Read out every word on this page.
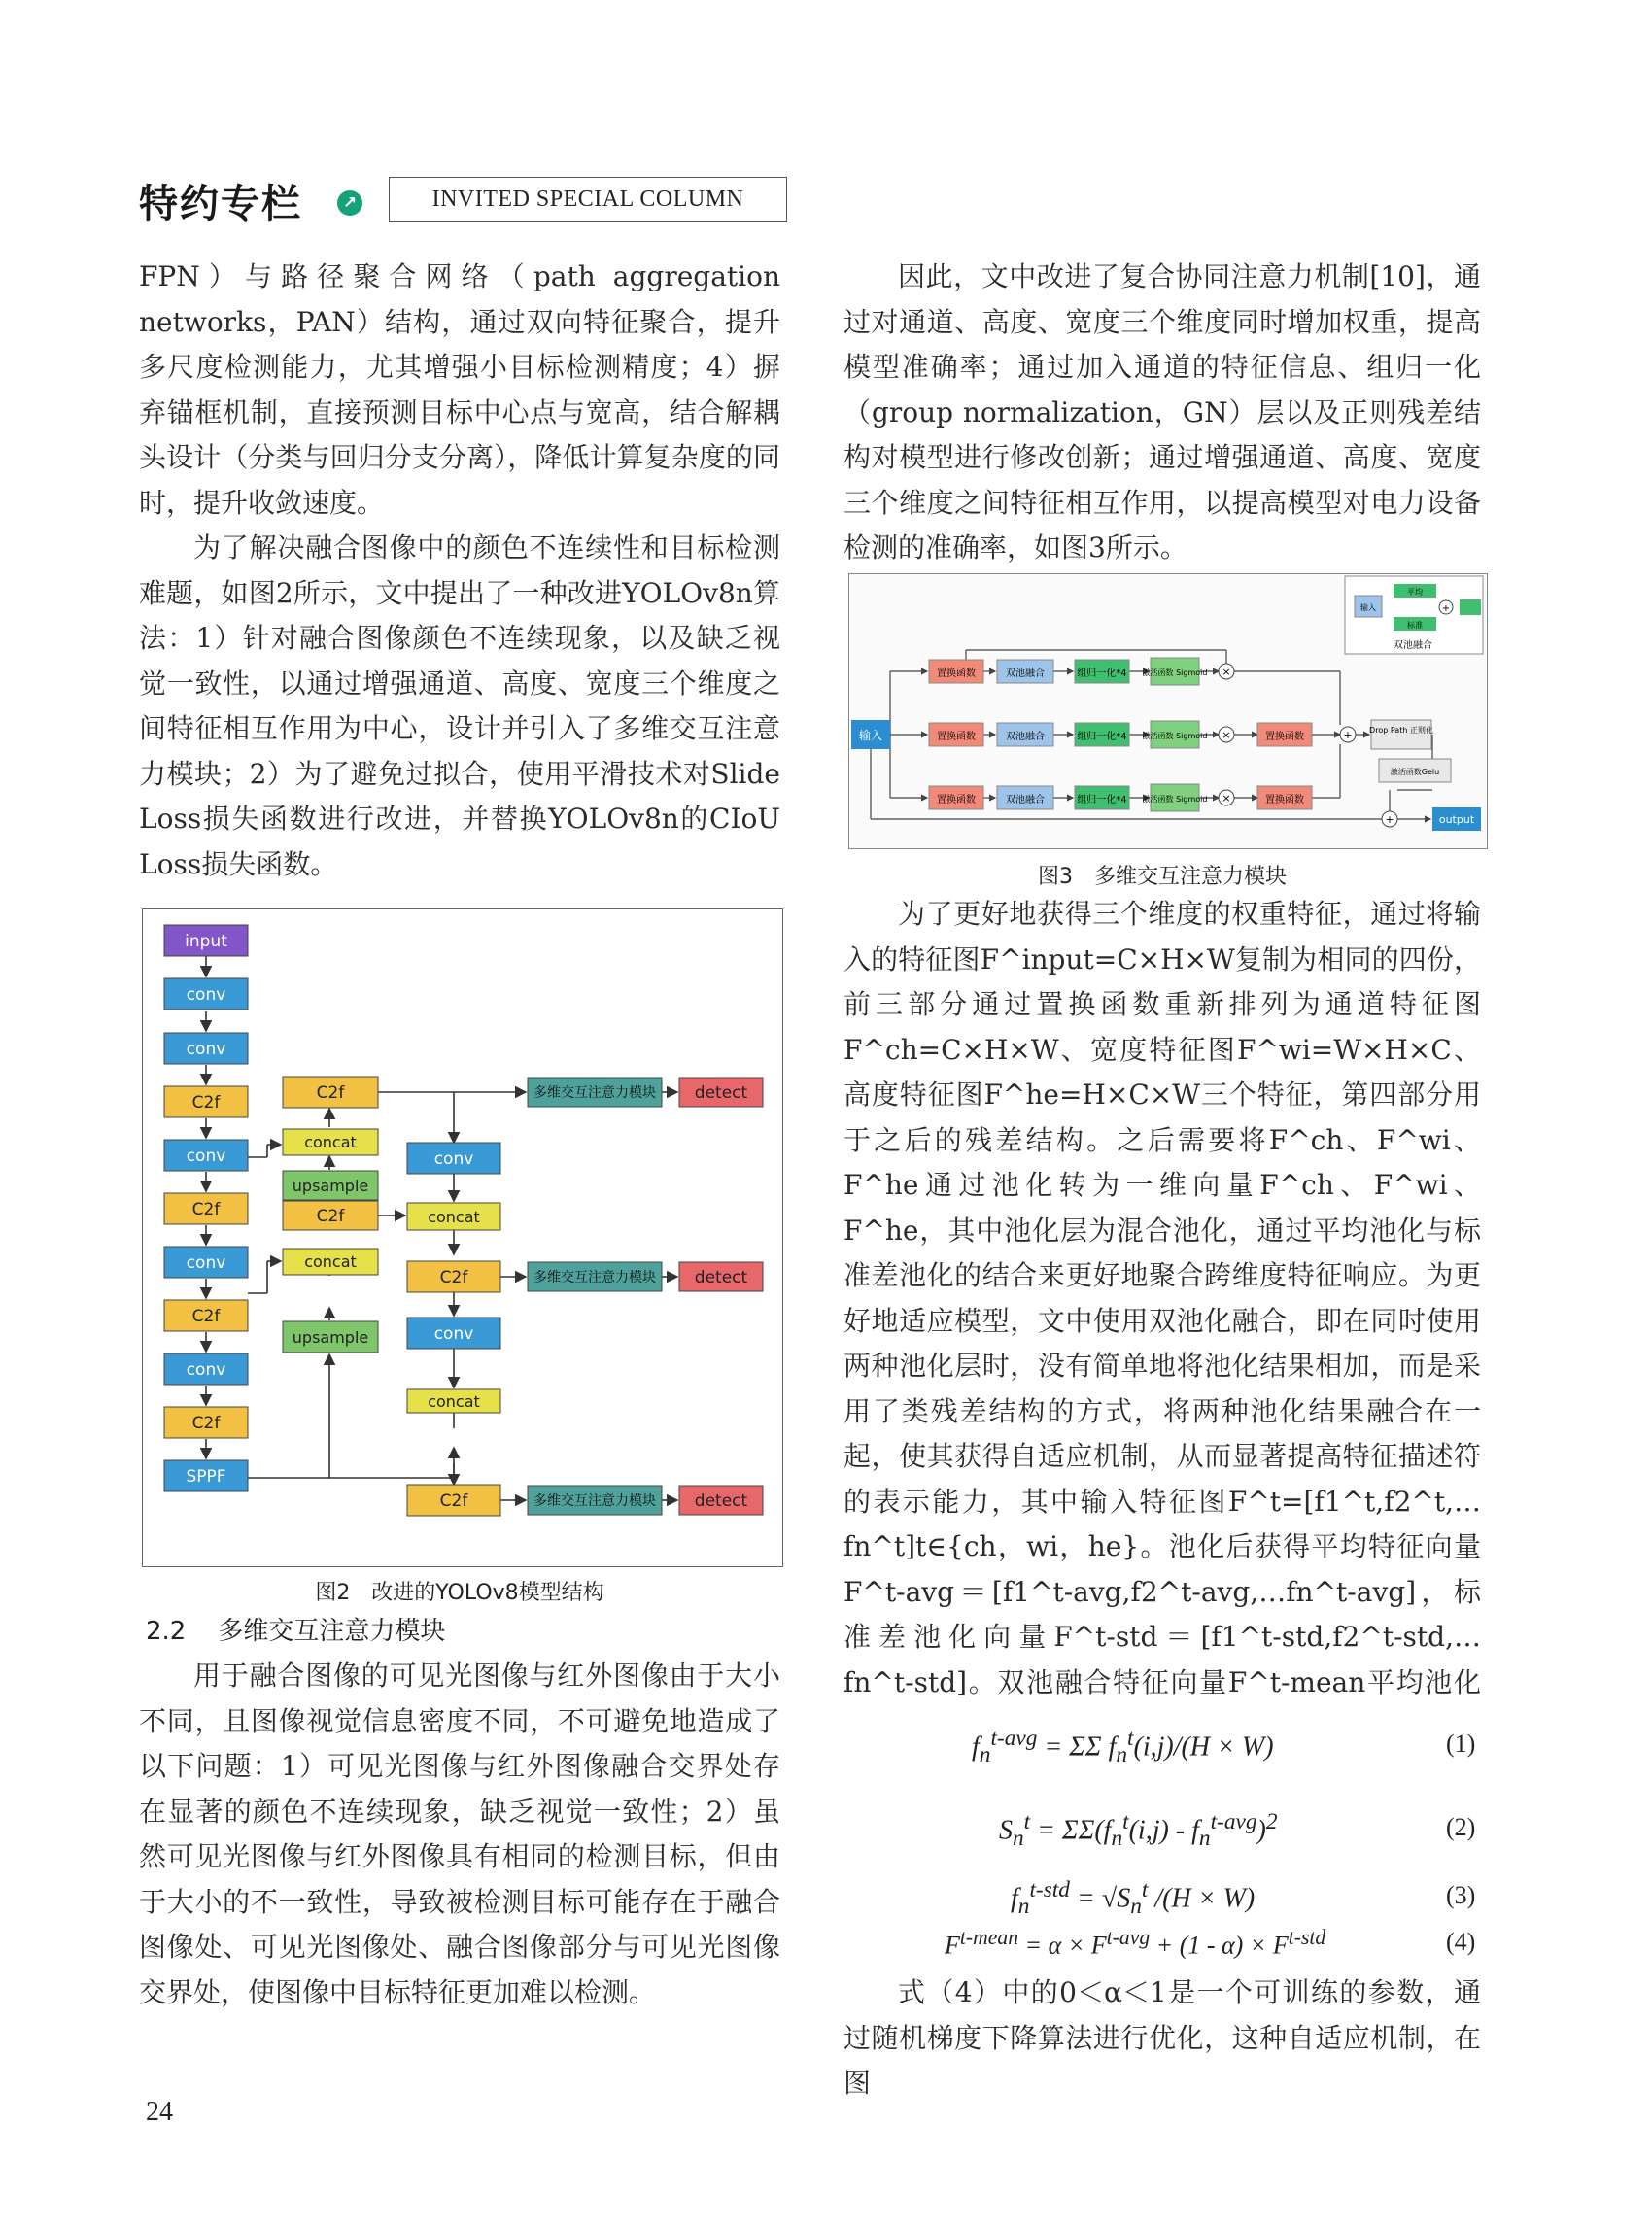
特约专栏	↗	INVITED SPECIAL COLUMN

FPN）与路径聚合网络（path aggregation networks，PAN）结构，通过双向特征聚合，提升多尺度检测能力，尤其增强小目标检测精度；4）摒弃锚框机制，直接预测目标中心点与宽高，结合解耦头设计（分类与回归分支分离），降低计算复杂度的同时，提升收敛速度。

为了解决融合图像中的颜色不连续性和目标检测难题，如图2所示，文中提出了一种改进YOLOv8n算法：1）针对融合图像颜色不连续现象，以及缺乏视觉一致性，以通过增强通道、高度、宽度三个维度之间特征相互作用为中心，设计并引入了多维交互注意力模块；2）为了避免过拟合，使用平滑技术对Slide Loss损失函数进行改进，并替换YOLOv8n的CIoU Loss损失函数。

input
conv
conv
C2f
conv
C2f
conv
C2f
conv
C2f
SPPF
C2f
concat
upsample
C2f
concat
upsample
conv
concat
C2f
conv
concat
C2f
多维交互注意力模块
多维交互注意力模块
多维交互注意力模块
detect
detect
detect
图2　改进的YOLOv8模型结构
2.2 多维交互注意力模块

用于融合图像的可见光图像与红外图像由于大小不同，且图像视觉信息密度不同，不可避免地造成了以下问题：1）可见光图像与红外图像融合交界处存在显著的颜色不连续现象，缺乏视觉一致性；2）虽然可见光图像与红外图像具有相同的检测目标，但由于大小的不一致性，导致被检测目标可能存在于融合图像处、可见光图像处、融合图像部分与可见光图像交界处，使图像中目标特征更加难以检测。

因此，文中改进了复合协同注意力机制[10]，通过对通道、高度、宽度三个维度同时增加权重，提高模型准确率；通过加入通道的特征信息、组归一化（group normalization，GN）层以及正则残差结构对模型进行修改创新；通过增强通道、高度、宽度三个维度之间特征相互作用，以提高模型对电力设备检测的准确率，如图3所示。

输入
置换函数
置换函数
置换函数
双池融合
双池融合
双池融合
组归一化*4
组归一化*4
组归一化*4
激活函数 Sigmoid
激活函数 Sigmoid
激活函数 Sigmoid
×
×
×
置换函数
置换函数
+ Drop Path 正则化
激活函数Gelu
+	output
输入
平均
标准
+
双池融合
图3　多维交互注意力模块

为了更好地获得三个维度的权重特征，通过将输入的特征图F^input=C×H×W复制为相同的四份，前三部分通过置换函数重新排列为通道特征图F^ch=C×H×W、宽度特征图F^wi=W×H×C、高度特征图F^he=H×C×W三个特征，第四部分用于之后的残差结构。之后需要将F^ch、F^wi、F^he通过池化转为一维向量F^ch、F^wi、F^he，其中池化层为混合池化，通过平均池化与标准差池化的结合来更好地聚合跨维度特征响应。为更好地适应模型，文中使用双池化融合，即在同时使用两种池化层时，没有简单地将池化结果相加，而是采用了类残差结构的方式，将两种池化结果融合在一起，使其获得自适应机制，从而显著提高特征描述符的表示能力，其中输入特征图F^t=[f1^t,f2^t,…fn^t]t∈{ch，wi，he}。池化后获得平均特征向量F^t-avg＝[f1^t-avg,f2^t-avg,…fn^t-avg]，标准差池化向量F^t-std＝[f1^t-std,f2^t-std,…fn^t-std]。双池融合特征向量F^t-mean平均池化

$f_n^{t-avg} = \Sigma\Sigma$ $f_n^t(i,j)/(H \times W)$	(1)
$S_n^t = \Sigma\Sigma(f_n^t(i,j) - f_n^{t-avg})^2$	(2)
$f_n^{t-std} = √S_n^t$ /(H × W)	(3)
$F^{t-mean} = \alpha \times F^{t-avg} + (1 - \alpha) \times F^{t-std}$	(4)

式（4）中的0＜α＜1是一个可训练的参数，通过随机梯度下降算法进行优化，这种自适应机制，在图

24
